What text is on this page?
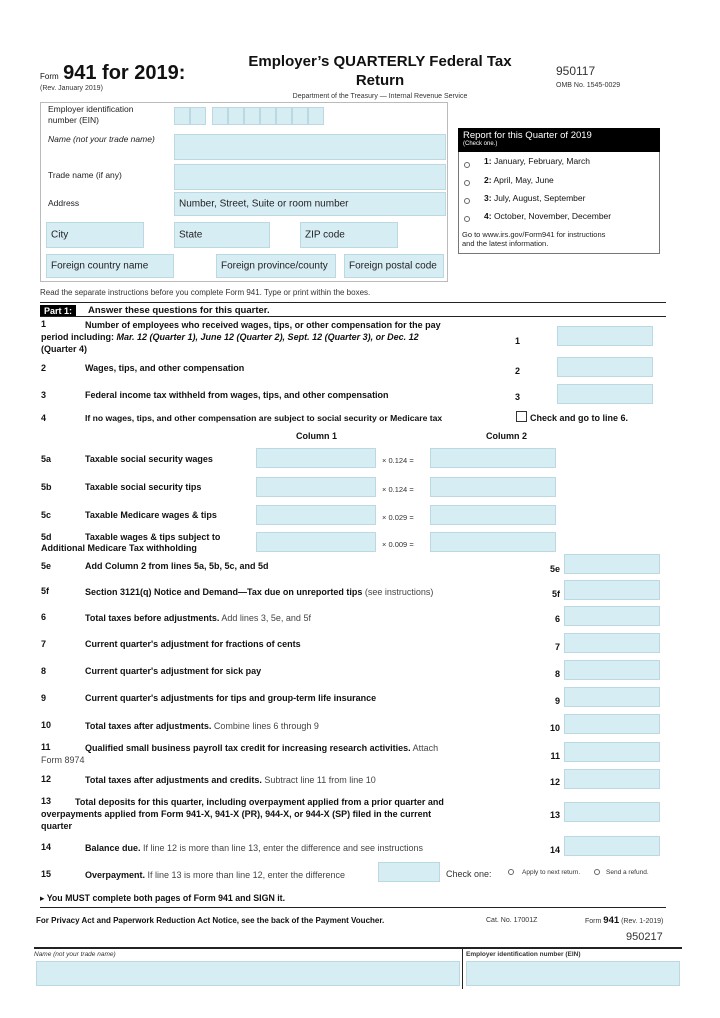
Form 941 for 2019:
(Rev. January 2019)
Employer’s QUARTERLY Federal Tax
Return
Department of the Treasury — Internal Revenue Service
950117
OMB No. 1545-0029
Employer identification number (EIN)
Name (not your trade name)
Trade name (if any)
Address	Number, Street, Suite or room number
City	State	ZIP code
Foreign country name	Foreign province/county Foreign postal code
Report for this Quarter of 2019
(Check one.)
1: January, February, March
2: April, May, June
3: July, August, September
4: October, November, December
Go to www.irs.gov/Form941 for instructions
and the latest information.
Read the separate instructions before you complete Form 941. Type or print within the boxes.
Part 1:	Answer these questions for this quarter.
1	Number of employees who received wages, tips, or other compensation for the pay
period including: Mar. 12 (Quarter 1), June 12 (Quarter 2), Sept. 12 (Quarter 3), or Dec. 12
(Quarter 4)
1
2	Wages, tips, and other compensation	2
3	Federal income tax withheld from wages, tips, and other compensation	3
4	If no wages, tips, and other compensation are subject to social security or Medicare tax	Check and go to line 6.
Column 1	Column 2
5a	Taxable social security wages	× 0.124 =
5b	Taxable social security tips	× 0.124 =
5c	Taxable Medicare wages & tips	× 0.029 =
5d	Taxable wages & tips subject to
Additional Medicare Tax withholding	× 0.009 =
5e	Add Column 2 from lines 5a, 5b, 5c, and 5d	5e
5f	Section 3121(q) Notice and Demand—Tax due on unreported tips (see instructions)	5f
6	Total taxes before adjustments. Add lines 3, 5e, and 5f	6
7	Current quarter's adjustment for fractions of cents	7
8	Current quarter's adjustment for sick pay	8
9	Current quarter's adjustments for tips and group-term life insurance	9
10	Total taxes after adjustments. Combine lines 6 through 9	10
11	Qualified small business payroll tax credit for increasing research activities. Attach
Form 8974	11
12	Total taxes after adjustments and credits. Subtract line 11 from line 10	12
13	Total deposits for this quarter, including overpayment applied from a prior quarter and
overpayments applied from Form 941-X, 941-X (PR), 944-X, or 944-X (SP) filed in the current
quarter
13
14	Balance due. If line 12 is more than line 13, enter the difference and see instructions	14
15	Overpayment. If line 13 is more than line 12, enter the difference	Check one:	Apply to next return.	Send a refund.
▸ You MUST complete both pages of Form 941 and SIGN it.
For Privacy Act and Paperwork Reduction Act Notice, see the back of the Payment Voucher.	Cat. No. 17001Z	Form 941 (Rev. 1-2019)
950217
Name (not your trade name)	Employer identification number (EIN)
